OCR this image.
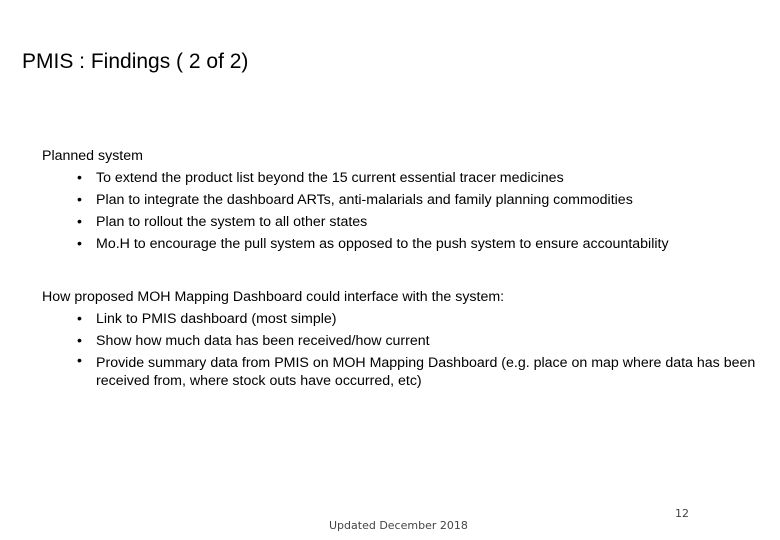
PMIS : Findings ( 2 of 2)
Planned system
• To extend the product list beyond the 15 current essential tracer medicines
• Plan to integrate the dashboard ARTs, anti-malarials and family planning commodities
• Plan to rollout the system to all other states
• Mo.H to encourage the pull system as opposed to the push system to ensure accountability
How proposed MOH Mapping Dashboard could interface with the system:
• Link to PMIS dashboard (most simple)
• Show how much data has been received/how current
• Provide summary data from PMIS on MOH Mapping Dashboard (e.g. place on map where data has been received from, where stock outs have occurred, etc)
Updated December 2018
12
